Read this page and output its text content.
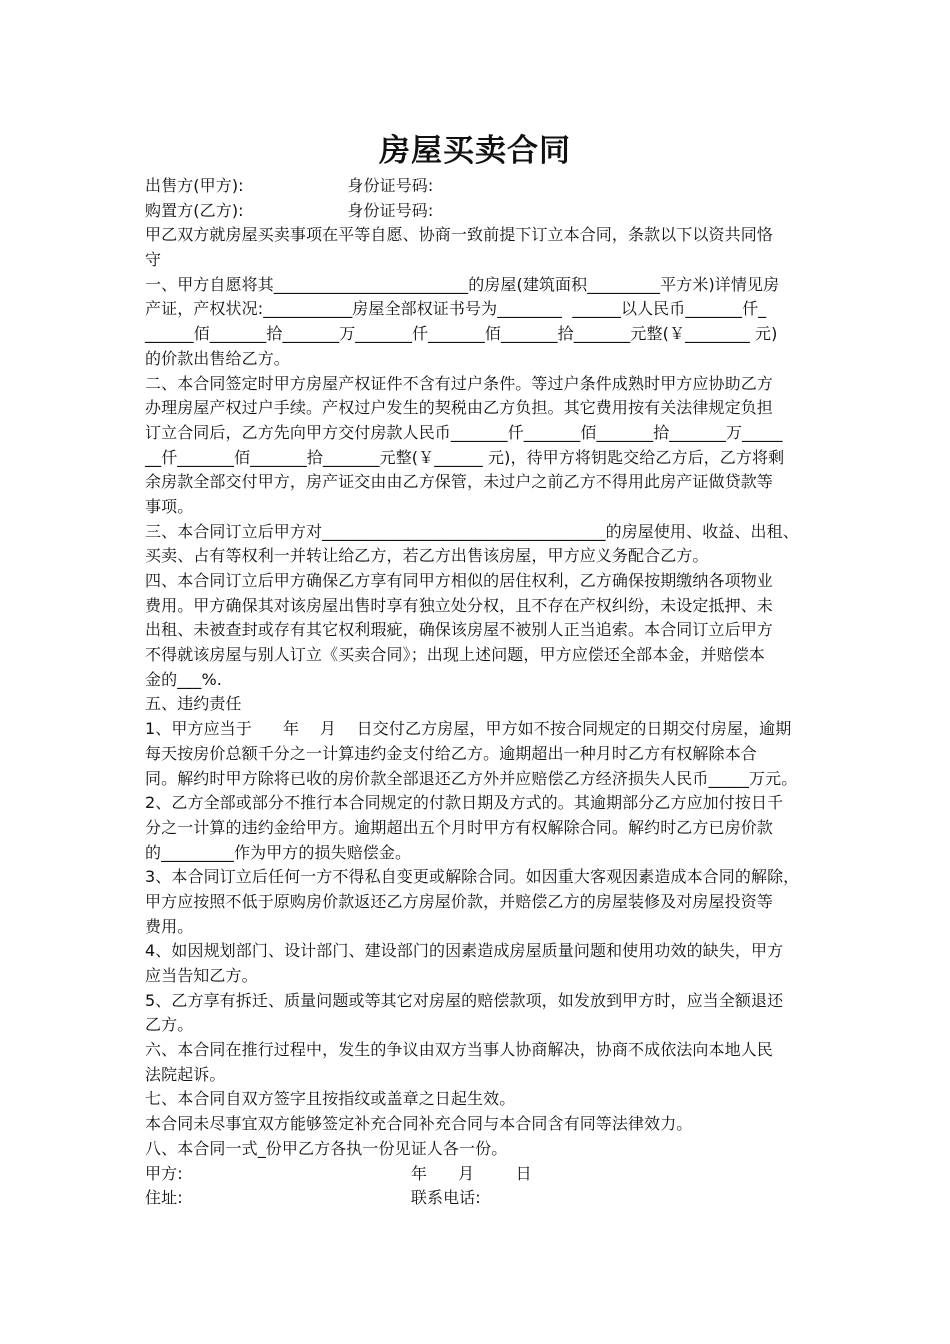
房屋买卖合同
出售方(甲方):                    身份证号码:
购置方(乙方):                    身份证号码:
甲乙双方就房屋买卖事项在平等自愿、协商一致前提下订立本合同，条款以下以资共同恪
守
一、甲方自愿将其________________________的房屋(建筑面积_________平方米)详情见房
产证，产权状况:___________房屋全部权证书号为________  ______以人民币_______仟_
______佰_______拾_______万_______仟_______佰_______拾_______元整(￥________ 元)
的价款出售给乙方。
二、本合同签定时甲方房屋产权证件不含有过户条件。等过户条件成熟时甲方应协助乙方
办理房屋产权过户手续。产权过户发生的契税由乙方负担。其它费用按有关法律规定负担
订立合同后，乙方先向甲方交付房款人民币_______仟_______佰_______拾_______万_____
__仟_______佰_______拾_______元整(￥______ 元)，待甲方将钥匙交给乙方后，乙方将剩
余房款全部交付甲方，房产证交由由乙方保管，未过户之前乙方不得用此房产证做贷款等
事项。
三、本合同订立后甲方对___________________________________的房屋使用、收益、出租、
买卖、占有等权利一并转让给乙方，若乙方出售该房屋，甲方应义务配合乙方。
四、本合同订立后甲方确保乙方享有同甲方相似的居住权利，乙方确保按期缴纳各项物业
费用。甲方确保其对该房屋出售时享有独立处分权，且不存在产权纠纷，未设定抵押、未
出租、未被查封或存有其它权利瑕疵，确保该房屋不被别人正当追索。本合同订立后甲方
不得就该房屋与别人订立《买卖合同》；出现上述问题，甲方应偿还全部本金，并赔偿本
金的___%.
五、违约责任
1、甲方应当于      年    月    日交付乙方房屋，甲方如不按合同规定的日期交付房屋，逾期
每天按房价总额千分之一计算违约金支付给乙方。逾期超出一种月时乙方有权解除本合
同。解约时甲方除将已收的房价款全部退还乙方外并应赔偿乙方经济损失人民币_____万元。
2、乙方全部或部分不推行本合同规定的付款日期及方式的。其逾期部分乙方应加付按日千
分之一计算的违约金给甲方。逾期超出五个月时甲方有权解除合同。解约时乙方已房价款
的_________作为甲方的损失赔偿金。
3、本合同订立后任何一方不得私自变更或解除合同。如因重大客观因素造成本合同的解除，
甲方应按照不低于原购房价款返还乙方房屋价款，并赔偿乙方的房屋装修及对房屋投资等
费用。
4、如因规划部门、设计部门、建设部门的因素造成房屋质量问题和使用功效的缺失，甲方
应当告知乙方。
5、乙方享有拆迁、质量问题或等其它对房屋的赔偿款项，如发放到甲方时，应当全额退还
乙方。
六、本合同在推行过程中，发生的争议由双方当事人协商解决，协商不成依法向本地人民
法院起诉。
七、本合同自双方签字且按指纹或盖章之日起生效。
本合同未尽事宜双方能够签定补充合同补充合同与本合同含有同等法律效力。
八、本合同一式_份甲乙方各执一份见证人各一份。
甲方:                                            年      月        日
住址:                                            联系电话:
